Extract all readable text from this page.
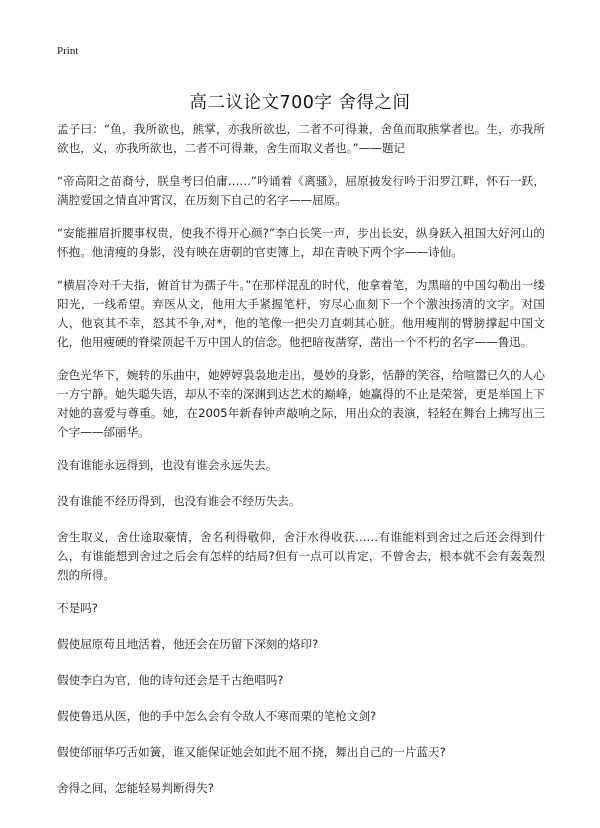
Print
高二议论文700字 舍得之间

孟子曰：“鱼，我所欲也，熊掌，亦我所欲也，二者不可得兼，舍鱼而取熊掌者也。生，亦我所欲也，义，亦我所欲也，二者不可得兼，舍生而取义者也。”——题记

“帝高阳之苗裔兮，朕皇考曰伯庸……”吟诵着《离骚》，屈原披发行吟于汨罗江畔，怀石一跃，满腔爱国之情直冲霄汉，在历刻下自己的名字——屈原。

“安能摧眉折腰事权贵，使我不得开心颜?”李白长笑一声，步出长安，纵身跃入祖国大好河山的怀抱。他清瘦的身影，没有映在唐朝的官吏簿上，却在青映下两个字——诗仙。

“横眉冷对千夫指，俯首甘为孺子牛。”在那样混乱的时代，他拿着笔，为黑暗的中国勾勒出一缕阳光，一线希望。弃医从文，他用大手紧握笔杆，穷尽心血刻下一个个激浊扬清的文字。对国人，他哀其不幸，怒其不争,对*，他的笔像一把尖刀直刺其心脏。他用瘦削的臂膀撑起中国文化，他用瘦硬的脊梁顶起千万中国人的信念。他把暗夜凿穿，凿出一个不朽的名字——鲁迅。

金色光华下，婉转的乐曲中，她婷婷袅袅地走出，曼妙的身影，恬静的笑容，给喧嚣已久的人心一方宁静。她失聪失语，却从不幸的深渊到达艺术的巅峰，她赢得的不止是荣誉，更是举国上下对她的喜爱与尊重。她，在2005年新春钟声敲响之际，用出众的表演，轻轻在舞台上拂写出三个字——邰丽华。

没有谁能永远得到，也没有谁会永远失去。

没有谁能不经历得到，也没有谁会不经历失去。

舍生取义，舍仕途取豪情，舍名利得敬仰，舍汗水得收获……有谁能料到舍过之后还会得到什么，有谁能想到舍过之后会有怎样的结局?但有一点可以肯定，不曾舍去，根本就不会有轰轰烈烈的所得。

不是吗?

假使屈原苟且地活着，他还会在历留下深刻的烙印?

假使李白为官，他的诗句还会是千古绝唱吗?

假使鲁迅从医，他的手中怎么会有令敌人不寒而栗的笔枪文剑?

假使邰丽华巧舌如簧，谁又能保证她会如此不屈不挠，舞出自己的一片蓝天?

舍得之间，怎能轻易判断得失?
